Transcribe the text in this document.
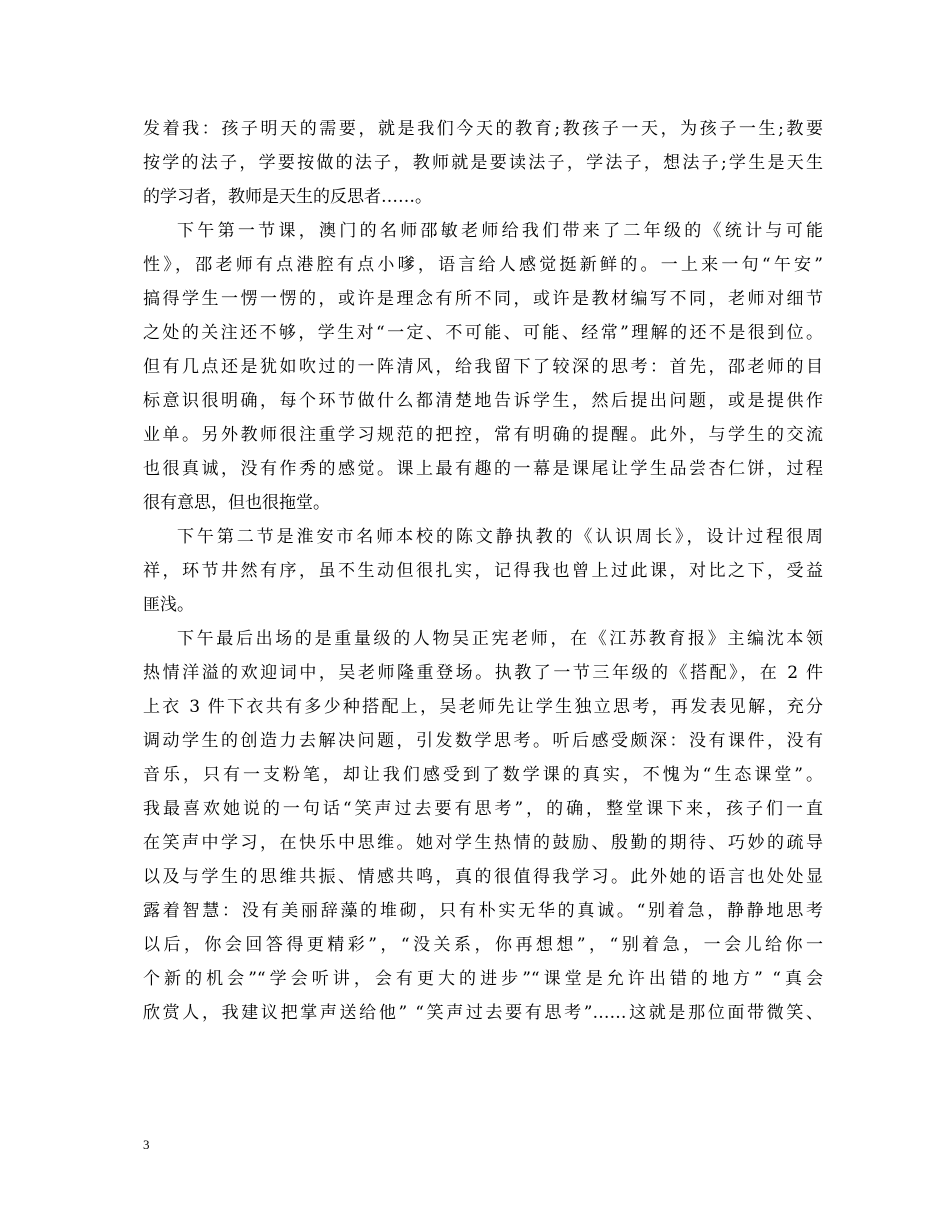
发着我：孩子明天的需要，就是我们今天的教育;教孩子一天，为孩子一生;教要
按学的法子，学要按做的法子，教师就是要读法子，学法子，想法子;学生是天生
的学习者，教师是天生的反思者……。
下午第一节课，澳门的名师邵敏老师给我们带来了二年级的《统计与可能
性》，邵老师有点港腔有点小嗲，语言给人感觉挺新鲜的。一上来一句“午安”
搞得学生一愣一愣的，或许是理念有所不同，或许是教材编写不同，老师对细节
之处的关注还不够，学生对“一定、不可能、可能、经常”理解的还不是很到位。
但有几点还是犹如吹过的一阵清风，给我留下了较深的思考：首先，邵老师的目
标意识很明确，每个环节做什么都清楚地告诉学生，然后提出问题，或是提供作
业单。另外教师很注重学习规范的把控，常有明确的提醒。此外，与学生的交流
也很真诚，没有作秀的感觉。课上最有趣的一幕是课尾让学生品尝杏仁饼，过程
很有意思，但也很拖堂。
下午第二节是淮安市名师本校的陈文静执教的《认识周长》，设计过程很周
祥，环节井然有序，虽不生动但很扎实，记得我也曾上过此课，对比之下，受益
匪浅。
下午最后出场的是重量级的人物吴正宪老师，在《江苏教育报》主编沈本领
热情洋溢的欢迎词中，吴老师隆重登场。执教了一节三年级的《搭配》，在 2 件
上衣 3 件下衣共有多少种搭配上，吴老师先让学生独立思考，再发表见解，充分
调动学生的创造力去解决问题，引发数学思考。听后感受颇深：没有课件，没有
音乐，只有一支粉笔，却让我们感受到了数学课的真实，不愧为“生态课堂”。
我最喜欢她说的一句话“笑声过去要有思考”，的确，整堂课下来，孩子们一直
在笑声中学习，在快乐中思维。她对学生热情的鼓励、殷勤的期待、巧妙的疏导
以及与学生的思维共振、情感共鸣，真的很值得我学习。此外她的语言也处处显
露着智慧：没有美丽辞藻的堆砌，只有朴实无华的真诚。“别着急，静静地思考
以后，你会回答得更精彩”，“没关系，你再想想”，“别着急，一会儿给你一
个新的机会”“学会听讲，会有更大的进步”“课堂是允许出错的地方” “真会
欣赏人，我建议把掌声送给他” “笑声过去要有思考”……这就是那位面带微笑、
3
